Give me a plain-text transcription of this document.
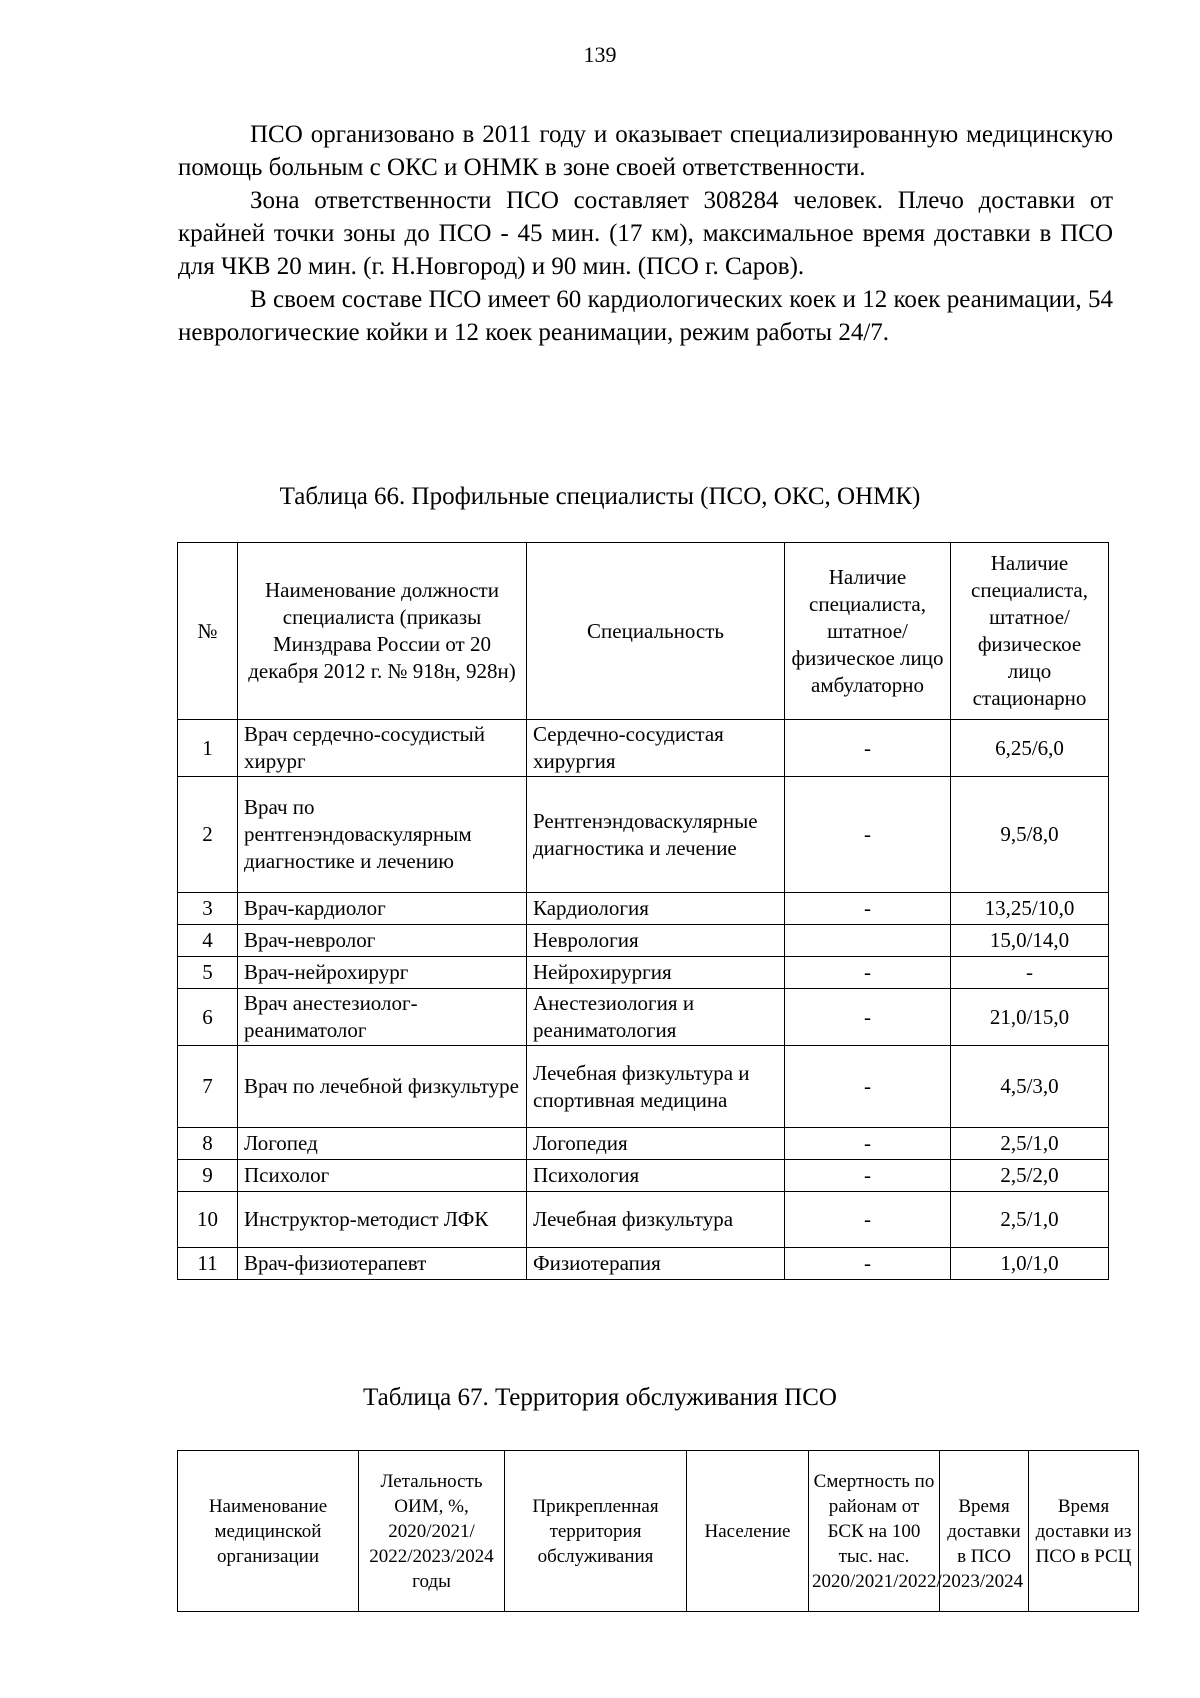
139

ПСО организовано в 2011 году и оказывает специализированную медицинскую помощь больным с ОКС и ОНМК в зоне своей ответственности.

Зона ответственности ПСО составляет 308284 человек. Плечо доставки от крайней точки зоны до ПСО - 45 мин. (17 км), максимальное время доставки в ПСО для ЧКВ 20 мин. (г. Н.Новгород) и 90 мин. (ПСО г. Саров).

В своем составе ПСО имеет 60 кардиологических коек и 12 коек реанимации, 54 неврологические койки и 12 коек реанимации, режим работы 24/7.

Таблица 66. Профильные специалисты (ПСО, ОКС, ОНМК)
№	Наименование должности специалиста (приказы Минздрава России от 20 декабря 2012 г. № 918н, 928н)	Специальность	Наличие специалиста, штатное/физическое лицо амбулаторно	Наличие специалиста, штатное/физическое лицо стационарно
1	Врач сердечно-сосудистый хирург	Сердечно-сосудистая хирургия	-	6,25/6,0
2	Врач по рентгенэндоваскулярным диагностике и лечению	Рентгенэндоваскулярные диагностика и лечение	-	9,5/8,0
3	Врач-кардиолог	Кардиология	-	13,25/10,0
4	Врач-невролог	Неврология		15,0/14,0
5	Врач-нейрохирург	Нейрохирургия	-	-
6	Врач анестезиолог-реаниматолог	Анестезиология и реаниматология	-	21,0/15,0
7	Врач по лечебной физкультуре	Лечебная физкультура и спортивная медицина	-	4,5/3,0
8	Логопед	Логопедия	-	2,5/1,0
9	Психолог	Психология	-	2,5/2,0
10	Инструктор-методист ЛФК	Лечебная физкультура	-	2,5/1,0
11	Врач-физиотерапевт	Физиотерапия	-	1,0/1,0
Таблица 67. Территория обслуживания ПСО
Наименование медицинской организации	Летальность ОИМ, %, 2020/2021/ 2022/2023/2024 годы	Прикрепленная территория обслуживания	Население	Смертность по районам от БСК на 100 тыс. нас. 2020/2021/2022/2023/2024	Время доставки в ПСО	Время доставки из ПСО в РСЦ
